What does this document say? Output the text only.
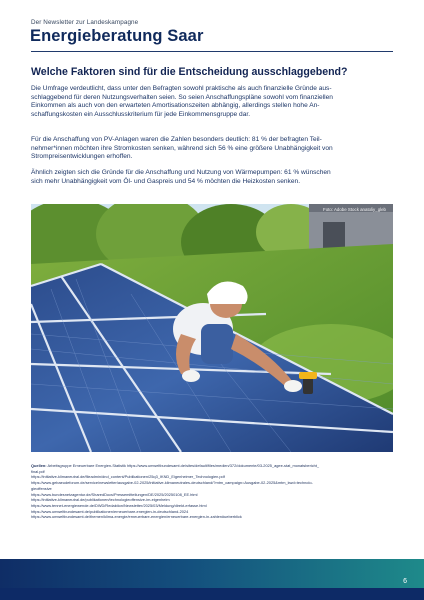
Der Newsletter zur Landeskampagne
Energieberatung Saar
Welche Faktoren sind für die Entscheidung ausschlaggebend?

Die Umfrage verdeutlicht, dass unter den Befragten sowohl praktische als auch finanzielle Gründe aus-

schlaggebend für deren Nutzungsverhalten seien. So seien Anschaffungspläne sowohl vom finanziellen

Einkommen als auch von den erwarteten Amortisationszeiten abhängig, allerdings stellen hohe An-

schaffungskosten ein Ausschlusskriterium für jede Einkommensgruppe dar.

Für die Anschaffung von PV-Anlagen waren die Zahlen besonders deutlich: 81 % der befragten Teil-

nehmer*innen möchten ihre Stromkosten senken, während sich 56 % eine größere Unabhängigkeit von

Strompreisentwicklungen erhoffen.

Ähnlich zeigten sich die Gründe für die Anschaffung und Nutzung von Wärmepumpen: 61 % wünschen

sich mehr Unabhängigkeit vom Öl- und Gaspreis und 54 % möchten die Heizkosten senken.

Foto: Adobe Stock anatoliy_gleb
Quellen: Arbeitsgruppe Erneuerbare Energien-Statistik https://www.umweltbundesamt.de/sites/default/files/medien/372/dokumente/03-2025_agee-stat_monatsbericht_
final.pdf
https://initiative-klimaneutral.de/fileadmin/dnd_content/Publikationen/25q3_IKND_Eigenheimer_Technologien.pdf
https://www.gebaeudeforum.de/service/newsletter/ausgabe-02-2025/initiative-klimaneutrales-deutschland/?mtm_campaign=Ausgabe-02-2025&mtm_kwd=technolo-
gieoffensive
https://www.bundesnetzagentur.de/SharedDocs/Pressemitteilungen/DE/2025/20250108_EE.html
https://initiative-klimaneutral.de/publikationen/technologieoffensive-im-eigenheim
https://www.tennet-energiewende.de/DWD/Redaktion/Newsletter/2025/03/Meldung/direkt-erfasse.html
https://www.umweltbundesamt.de/publikationen/erneuerbare-energien-in-deutschland-2024
https://www.umweltbundesamt.de/themen/klima-energie/erneuerbare-energien/erneuerbare-energien-in-zahlen#ueberblick
6
